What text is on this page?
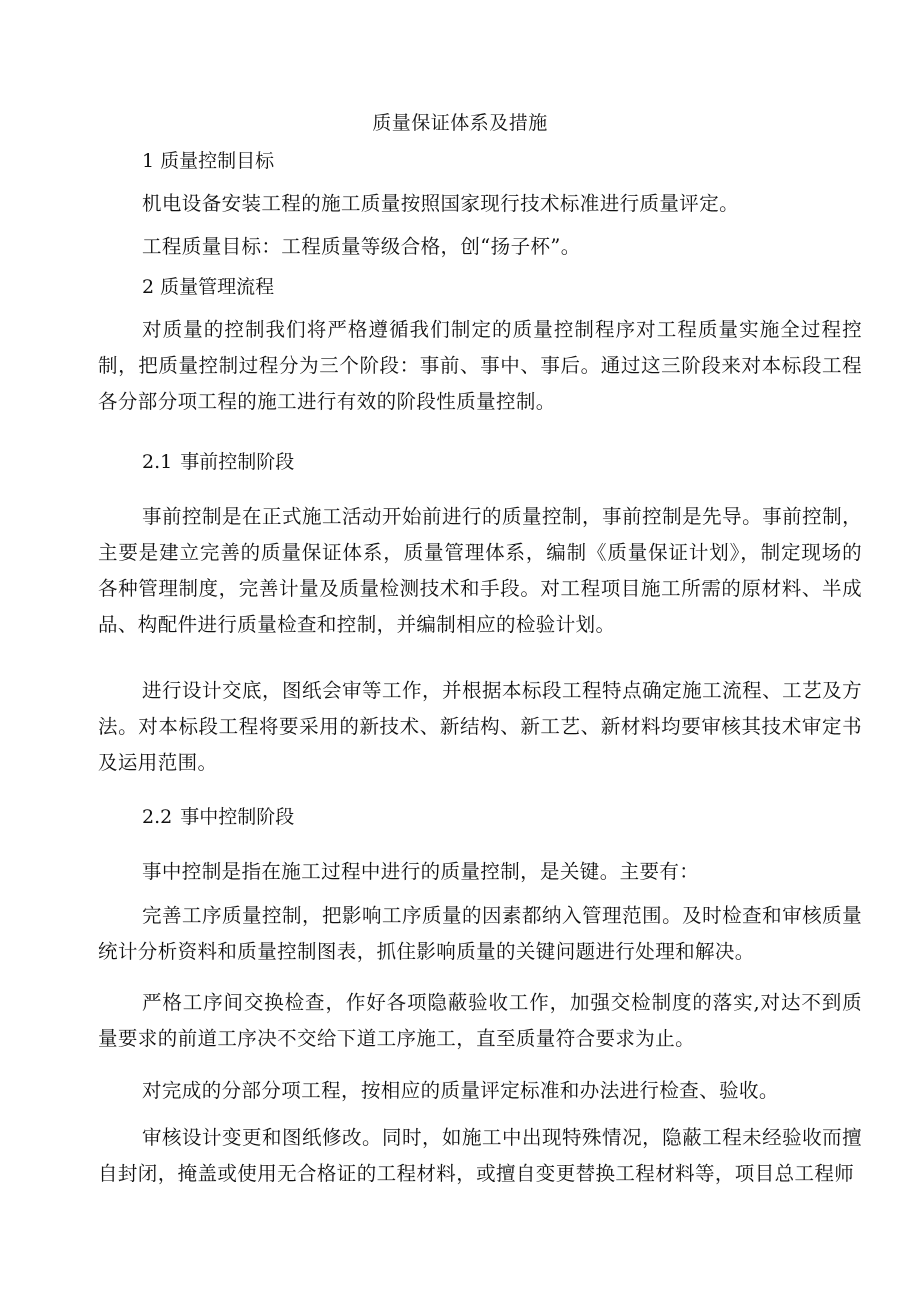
质量保证体系及措施
1 质量控制目标
机电设备安装工程的施工质量按照国家现行技术标准进行质量评定。
工程质量目标：工程质量等级合格，创“扬子杯”。
2 质量管理流程
对质量的控制我们将严格遵循我们制定的质量控制程序对工程质量实施全过程控制，把质量控制过程分为三个阶段：事前、事中、事后。通过这三阶段来对本标段工程各分部分项工程的施工进行有效的阶段性质量控制。
2.1 事前控制阶段
事前控制是在正式施工活动开始前进行的质量控制，事前控制是先导。事前控制，主要是建立完善的质量保证体系，质量管理体系，编制《质量保证计划》，制定现场的各种管理制度，完善计量及质量检测技术和手段。对工程项目施工所需的原材料、半成品、构配件进行质量检查和控制，并编制相应的检验计划。
进行设计交底，图纸会审等工作，并根据本标段工程特点确定施工流程、工艺及方法。对本标段工程将要采用的新技术、新结构、新工艺、新材料均要审核其技术审定书及运用范围。
2.2 事中控制阶段
事中控制是指在施工过程中进行的质量控制，是关键。主要有：
完善工序质量控制，把影响工序质量的因素都纳入管理范围。及时检查和审核质量统计分析资料和质量控制图表，抓住影响质量的关键问题进行处理和解决。
严格工序间交换检查，作好各项隐蔽验收工作，加强交检制度的落实,对达不到质量要求的前道工序决不交给下道工序施工，直至质量符合要求为止。
对完成的分部分项工程，按相应的质量评定标准和办法进行检查、验收。
审核设计变更和图纸修改。同时，如施工中出现特殊情况，隐蔽工程未经验收而擅自封闭，掩盖或使用无合格证的工程材料，或擅自变更替换工程材料等，项目总工程师
